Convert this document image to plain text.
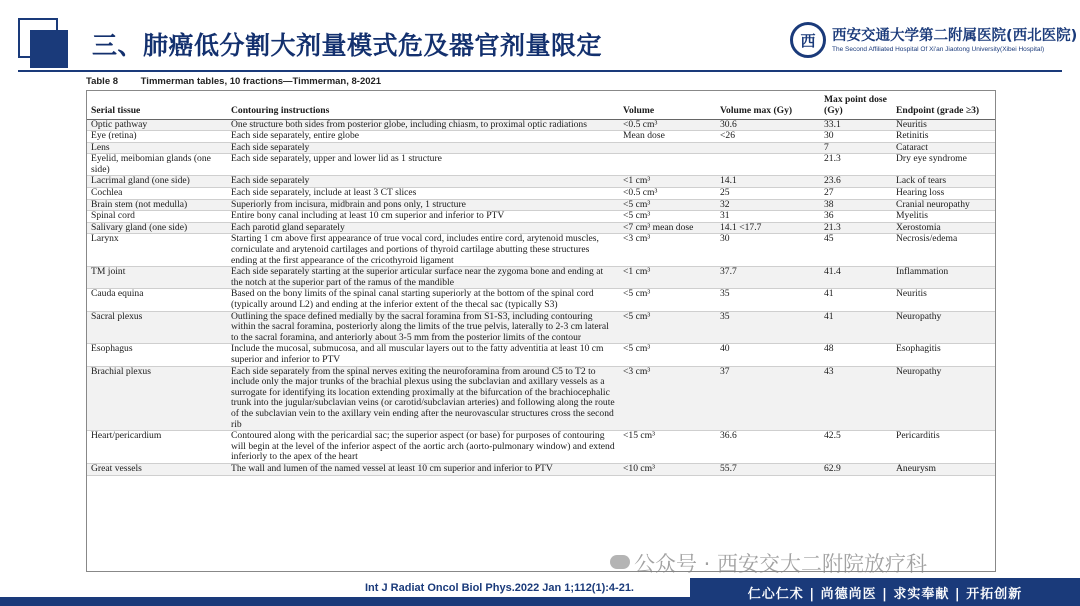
三、肺癌低分割大剂量模式危及器官剂量限定	西 西安交通大学第二附属医院(西北医院)
The Second Affiliated Hospital Of Xi'an Jiaotong University(Xibei Hospital)
Table 8 Timmerman tables, 10 fractions—Timmerman, 8-2021
Serial tissue	Contouring instructions	Volume	Volume max (Gy)	Max point dose (Gy)	Endpoint (grade ≥3)
Optic pathway	One structure both sides from posterior globe, including chiasm, to proximal optic radiations	<0.5 cm³	30.6	33.1	Neuritis
Eye (retina)	Each side separately, entire globe	Mean dose	<26	30	Retinitis
Lens	Each side separately			7	Cataract
Eyelid, meibomian glands (one side)	Each side separately, upper and lower lid as 1 structure			21.3	Dry eye syndrome
Lacrimal gland (one side)	Each side separately	<1 cm³	14.1	23.6	Lack of tears
Cochlea	Each side separately, include at least 3 CT slices	<0.5 cm³	25	27	Hearing loss
Brain stem (not medulla)	Superiorly from incisura, midbrain and pons only, 1 structure	<5 cm³	32	38	Cranial neuropathy
Spinal cord	Entire bony canal including at least 10 cm superior and inferior to PTV	<5 cm³	31	36	Myelitis
Salivary gland (one side)	Each parotid gland separately	<7 cm³ mean dose	14.1 <17.7	21.3	Xerostomia
Larynx	Starting 1 cm above first appearance of true vocal cord, includes entire cord, arytenoid muscles, corniculate and arytenoid cartilages and portions of thyroid cartilage abutting these structures ending at the first appearance of the cricothyroid ligament	<3 cm³	30	45	Necrosis/edema
TM joint	Each side separately starting at the superior articular surface near the zygoma bone and ending at the notch at the superior part of the ramus of the mandible	<1 cm³	37.7	41.4	Inflammation
Cauda equina	Based on the bony limits of the spinal canal starting superiorly at the bottom of the spinal cord (typically around L2) and ending at the inferior extent of the thecal sac (typically S3)	<5 cm³	35	41	Neuritis
Sacral plexus	Outlining the space defined medially by the sacral foramina from S1-S3, including contouring within the sacral foramina, posteriorly along the limits of the true pelvis, laterally to 2-3 cm lateral to the sacral foramina, and anteriorly about 3-5 mm from the posterior limits of the contour	<5 cm³	35	41	Neuropathy
Esophagus	Include the mucosal, submucosa, and all muscular layers out to the fatty adventitia at least 10 cm superior and inferior to PTV	<5 cm³	40	48	Esophagitis
Brachial plexus	Each side separately from the spinal nerves exiting the neuroforamina from around C5 to T2 to include only the major trunks of the brachial plexus using the subclavian and axillary vessels as a surrogate for identifying its location extending proximally at the bifurcation of the brachiocephalic trunk into the jugular/subclavian veins (or carotid/subclavian arteries) and following along the route of the subclavian vein to the axillary vein ending after the neurovascular structures cross the second rib	<3 cm³	37	43	Neuropathy
Heart/pericardium	Contoured along with the pericardial sac; the superior aspect (or base) for purposes of contouring will begin at the level of the inferior aspect of the aortic arch (aorto-pulmonary window) and extend inferiorly to the apex of the heart	<15 cm³	36.6	42.5	Pericarditis
Great vessels	The wall and lumen of the named vessel at least 10 cm superior and inferior to PTV	<10 cm³	55.7	62.9	Aneurysm
公众号 · 西安交大二附院放疗科
Int J Radiat Oncol Biol Phys.2022 Jan 1;112(1):4-21.	仁心仁术 | 尚德尚医 | 求实奉献 | 开拓创新
